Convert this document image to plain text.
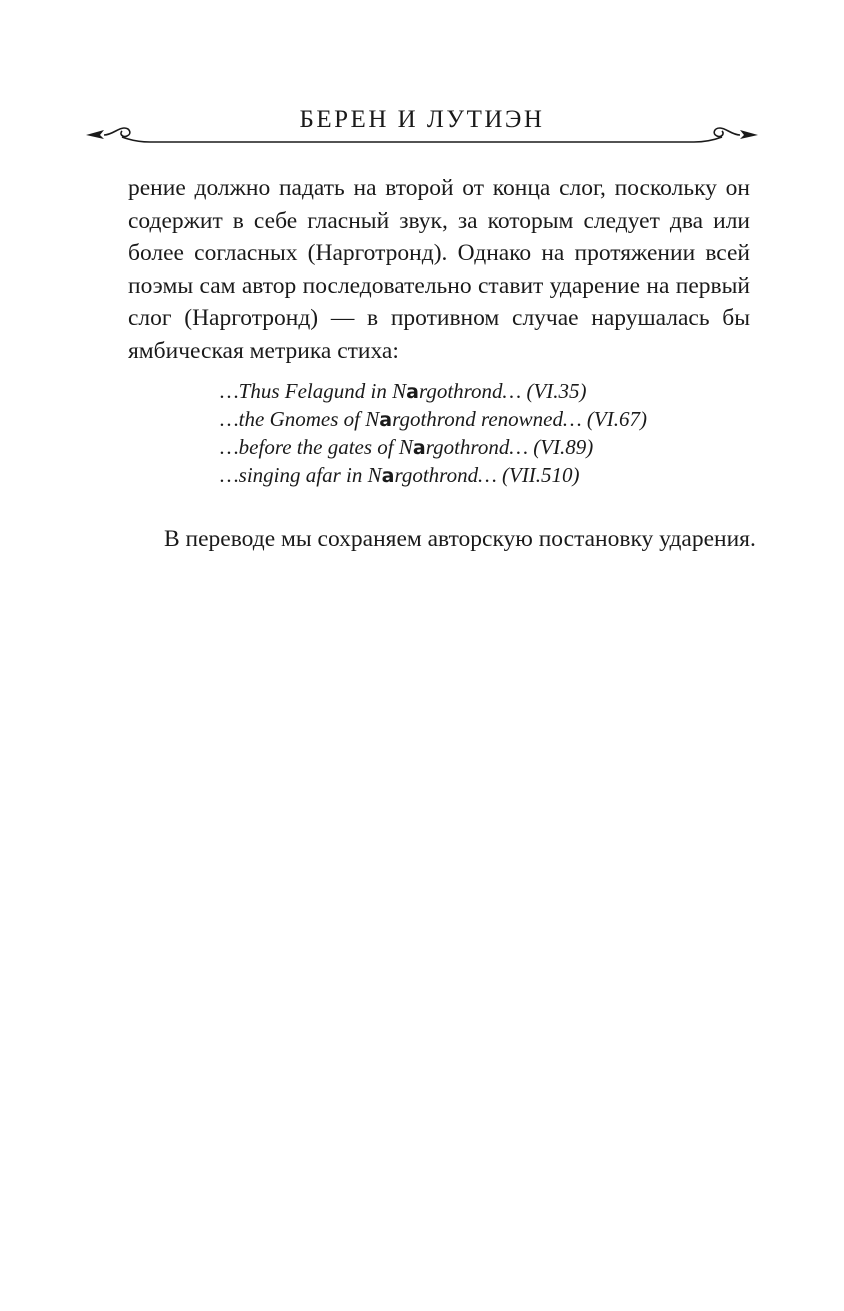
БЕРЕН И ЛУТИЭН

рение должно падать на второй от конца слог, поскольку он содержит в себе гласный звук, за которым следует два или более согласных (Нарготронд). Однако на протяжении всей поэмы сам автор последовательно ставит ударение на первый слог (Нарготронд) — в противном случае нарушалась бы ямбическая метрика стиха:

…Thus Felagund in Nargothrond… (VI.35)
…the Gnomes of Nargothrond renowned… (VI.67)
…before the gates of Nargothrond… (VI.89)
…singing afar in Nargothrond… (VII.510)

В переводе мы сохраняем авторскую постановку ударения.
